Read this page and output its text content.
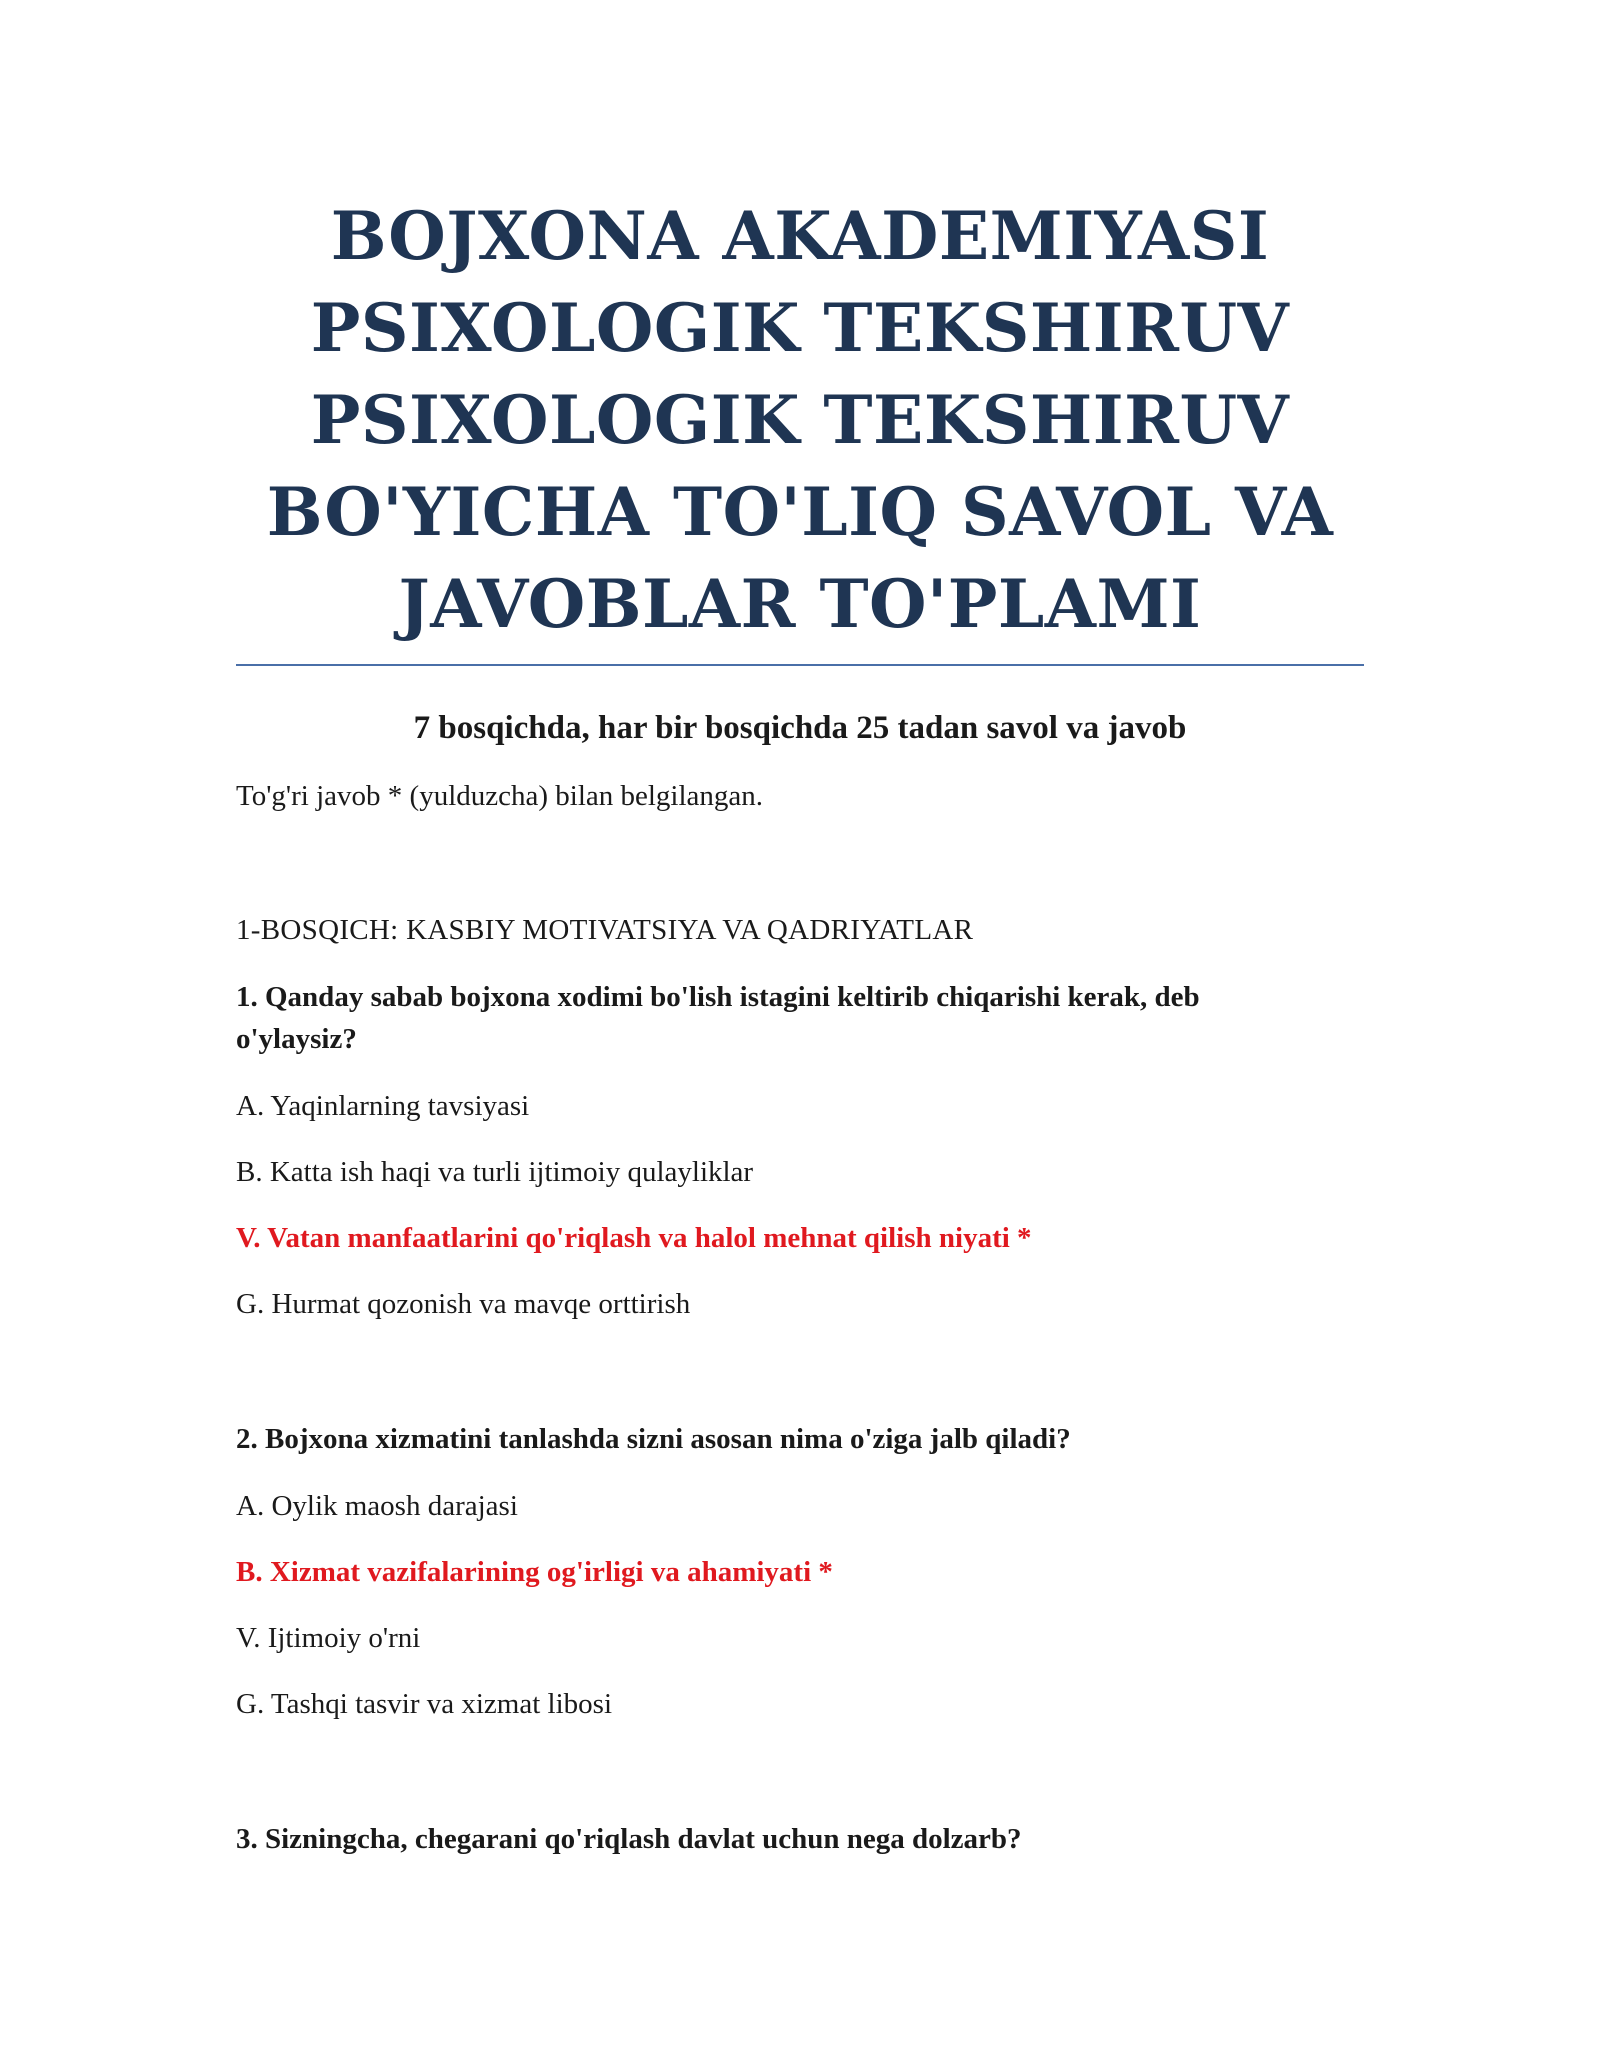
BOJXONA AKADEMIYASI
PSIXOLOGIK TEKSHIRUV
PSIXOLOGIK TEKSHIRUV
BO'YICHA TO'LIQ SAVOL VA
JAVOBLAR TO'PLAMI

7 bosqichda, har bir bosqichda 25 tadan savol va javob

To'g'ri javob * (yulduzcha) bilan belgilangan.

1-BOSQICH: KASBIY MOTIVATSIYA VA QADRIYATLAR

1. Qanday sabab bojxona xodimi bo'lish istagini keltirib chiqarishi kerak, deb o'ylaysiz?

A. Yaqinlarning tavsiyasi

B. Katta ish haqi va turli ijtimoiy qulayliklar

V. Vatan manfaatlarini qo'riqlash va halol mehnat qilish niyati *

G. Hurmat qozonish va mavqe orttirish

2. Bojxona xizmatini tanlashda sizni asosan nima o'ziga jalb qiladi?

A. Oylik maosh darajasi

B. Xizmat vazifalarining og'irligi va ahamiyati *

V. Ijtimoiy o'rni

G. Tashqi tasvir va xizmat libosi

3. Sizningcha, chegarani qo'riqlash davlat uchun nega dolzarb?
